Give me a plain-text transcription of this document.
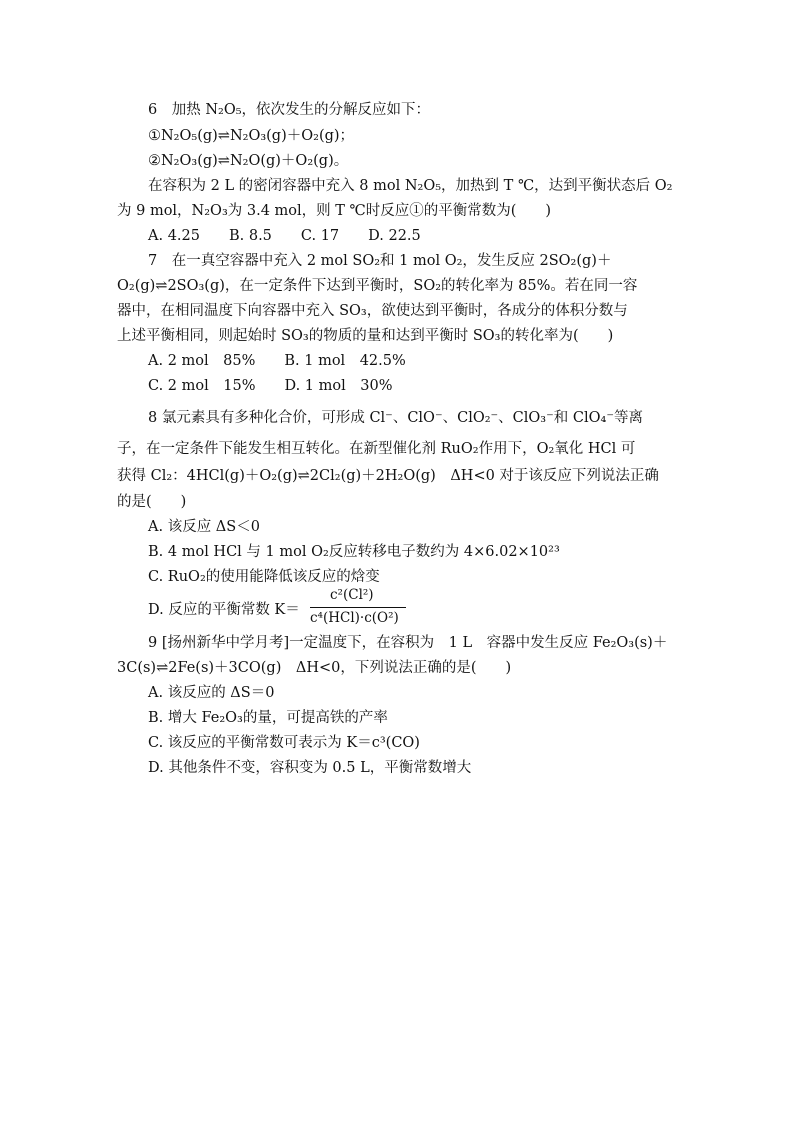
6　加热 N₂O₅，依次发生的分解反应如下：
①N₂O₅(g)⇌N₂O₃(g)＋O₂(g)；
②N₂O₃(g)⇌N₂O(g)＋O₂(g)。
在容积为 2 L 的密闭容器中充入 8 mol N₂O₅，加热到 T ℃，达到平衡状态后 O₂
为 9 mol，N₂O₃为 3.4 mol，则 T ℃时反应①的平衡常数为(　　)
A. 4.25　　B. 8.5　　C. 17　　D. 22.5
7　在一真空容器中充入 2 mol SO₂和 1 mol O₂，发生反应 2SO₂(g)＋
O₂(g)⇌2SO₃(g)，在一定条件下达到平衡时，SO₂的转化率为 85%。若在同一容
器中，在相同温度下向容器中充入 SO₃，欲使达到平衡时，各成分的体积分数与
上述平衡相同，则起始时 SO₃的物质的量和达到平衡时 SO₃的转化率为(　　)
A. 2 mol　85%　　B. 1 mol　42.5%
C. 2 mol　15%　　D. 1 mol　30%
8 氯元素具有多种化合价，可形成 Cl⁻、ClO⁻、ClO₂⁻、ClO₃⁻和 ClO₄⁻等离
子，在一定条件下能发生相互转化。在新型催化剂 RuO₂作用下，O₂氧化 HCl 可
获得 Cl₂：4HCl(g)＋O₂(g)⇌2Cl₂(g)＋2H₂O(g)　ΔH<0 对于该反应下列说法正确
的是(　　)
A. 该反应 ΔS＜0
B. 4 mol HCl 与 1 mol O₂反应转移电子数约为 4×6.02×10²³
C. RuO₂的使用能降低该反应的焓变
D. 反应的平衡常数 K＝
c²(Cl²)
c⁴(HCl)·c(O²)
9 [扬州新华中学月考]一定温度下，在容积为　1 L　容器中发生反应 Fe₂O₃(s)＋
3C(s)⇌2Fe(s)＋3CO(g)　ΔH<0，下列说法正确的是(　　)
A. 该反应的 ΔS＝0
B. 增大 Fe₂O₃的量，可提高铁的产率
C. 该反应的平衡常数可表示为 K＝c³(CO)
D. 其他条件不变，容积变为 0.5 L，平衡常数增大
